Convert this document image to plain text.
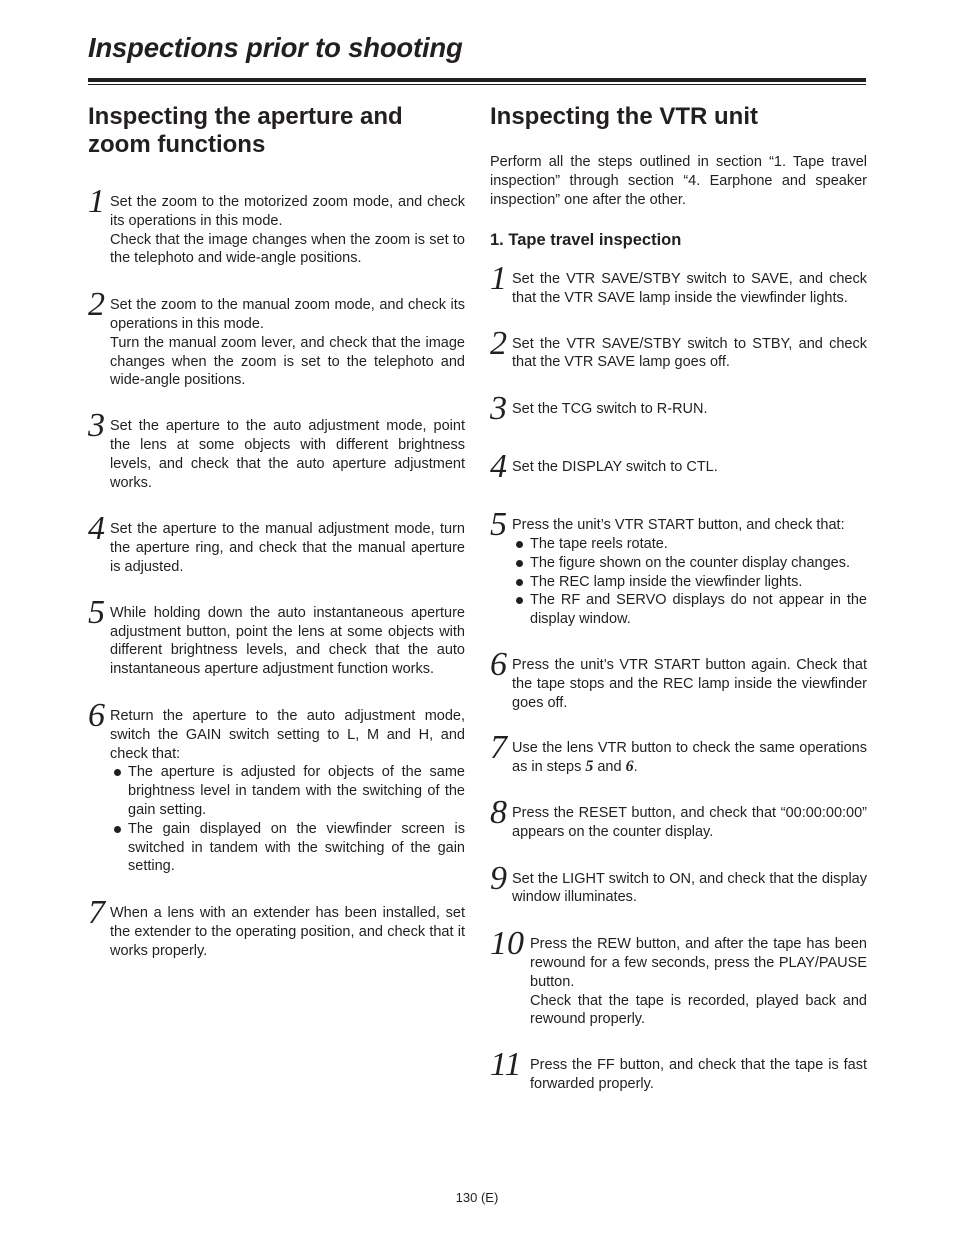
Inspections prior to shooting
Inspecting the aperture and
zoom functions
1 Set the zoom to the motorized zoom mode, and check its operations in this mode.
Check that the image changes when the zoom is set to the telephoto and wide-angle positions.
2 Set the zoom to the manual zoom mode, and check its operations in this mode.
Turn the manual zoom lever, and check that the image changes when the zoom is set to the telephoto and wide-angle positions.
3 Set the aperture to the auto adjustment mode, point the lens at some objects with different brightness levels, and check that the auto aperture adjustment works.
4 Set the aperture to the manual adjustment mode, turn the aperture ring, and check that the manual aperture is adjusted.
5 While holding down the auto instantaneous aperture adjustment button, point the lens at some objects with different brightness levels, and check that the auto instantaneous aperture adjustment function works.
6 Return the aperture to the auto adjustment mode, switch the GAIN switch setting to L, M and H, and check that:
The aperture is adjusted for objects of the same brightness level in tandem with the switching of the gain setting.
The gain displayed on the viewfinder screen is switched in tandem with the switching of the gain setting.
7 When a lens with an extender has been installed, set the extender to the operating position, and check that it works properly.
Inspecting the VTR unit
Perform all the steps outlined in section “1. Tape travel inspection” through section “4. Earphone and speaker inspection” one after the other.
1. Tape travel inspection
1 Set the VTR SAVE/STBY switch to SAVE, and check that the VTR SAVE lamp inside the viewfinder lights.
2 Set the VTR SAVE/STBY switch to STBY, and check that the VTR SAVE lamp goes off.
3 Set the TCG switch to R-RUN.
4 Set the DISPLAY switch to CTL.
5 Press the unit’s VTR START button, and check that:
The tape reels rotate.
The figure shown on the counter display changes.
The REC lamp inside the viewfinder lights.
The RF and SERVO displays do not appear in the display window.
6 Press the unit’s VTR START button again. Check that the tape stops and the REC lamp inside the viewfinder goes off.
7 Use the lens VTR button to check the same operations as in steps 5 and 6.
8 Press the RESET button, and check that “00:00:00:00” appears on the counter display.
9 Set the LIGHT switch to ON, and check that the display window illuminates.
10 Press the REW button, and after the tape has been rewound for a few seconds, press the PLAY/PAUSE button.
Check that the tape is recorded, played back and rewound properly.
11 Press the FF button, and check that the tape is fast forwarded properly.
130 (E)
